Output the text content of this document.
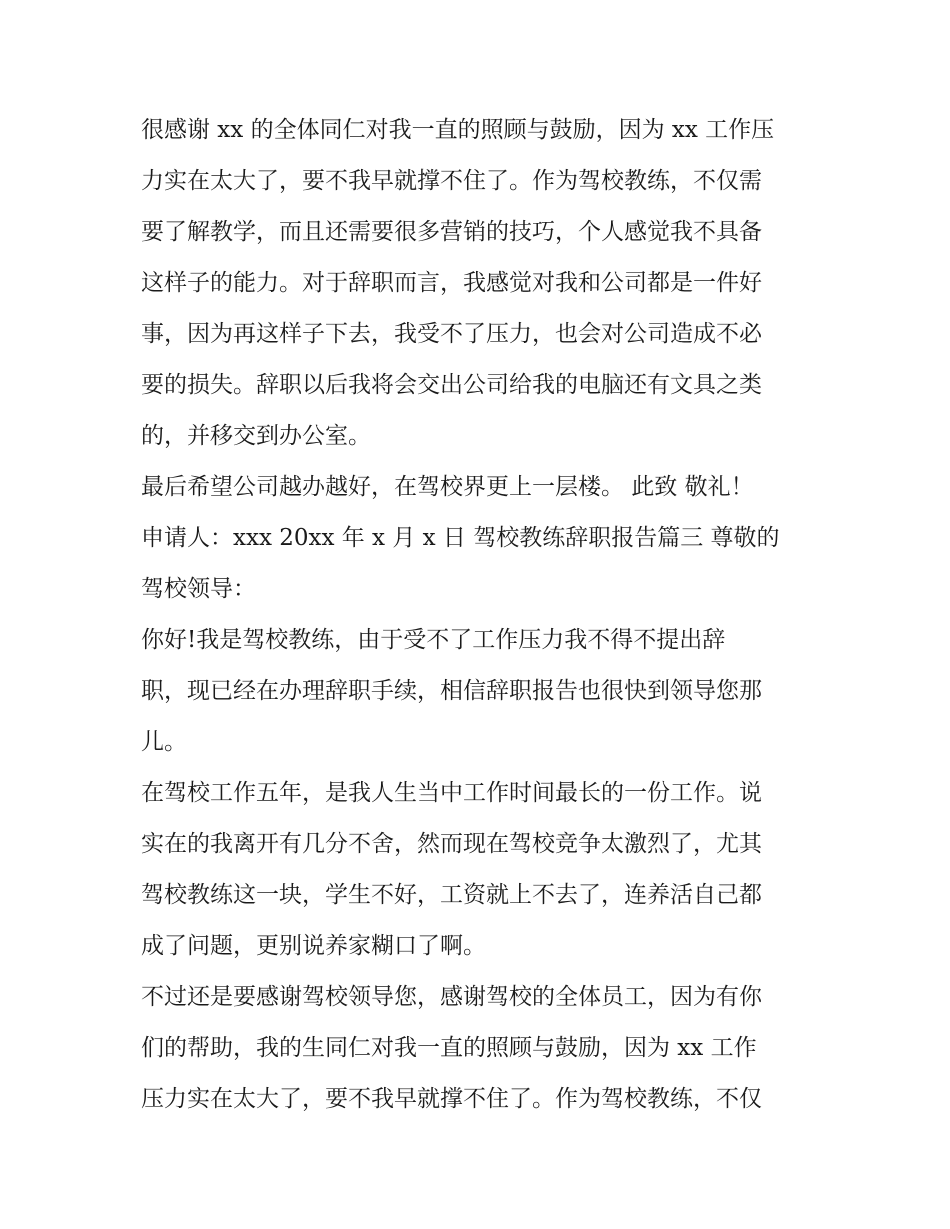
很感谢 xx 的全体同仁对我一直的照顾与鼓励，因为 xx 工作压
力实在太大了，要不我早就撑不住了。作为驾校教练，不仅需
要了解教学，而且还需要很多营销的技巧，个人感觉我不具备
这样子的能力。对于辞职而言，我感觉对我和公司都是一件好
事，因为再这样子下去，我受不了压力，也会对公司造成不必
要的损失。辞职以后我将会交出公司给我的电脑还有文具之类
的，并移交到办公室。
最后希望公司越办越好，在驾校界更上一层楼。 此致 敬礼！
申请人：xxx 20xx 年 x 月 x 日 驾校教练辞职报告篇三 尊敬的
驾校领导：
你好!我是驾校教练，由于受不了工作压力我不得不提出辞
职，现已经在办理辞职手续，相信辞职报告也很快到领导您那
儿。
在驾校工作五年，是我人生当中工作时间最长的一份工作。说
实在的我离开有几分不舍，然而现在驾校竞争太激烈了，尤其
驾校教练这一块，学生不好，工资就上不去了，连养活自己都
成了问题，更别说养家糊口了啊。
不过还是要感谢驾校领导您，感谢驾校的全体员工，因为有你
们的帮助，我的生同仁对我一直的照顾与鼓励，因为 xx 工作
压力实在太大了，要不我早就撑不住了。作为驾校教练，不仅
